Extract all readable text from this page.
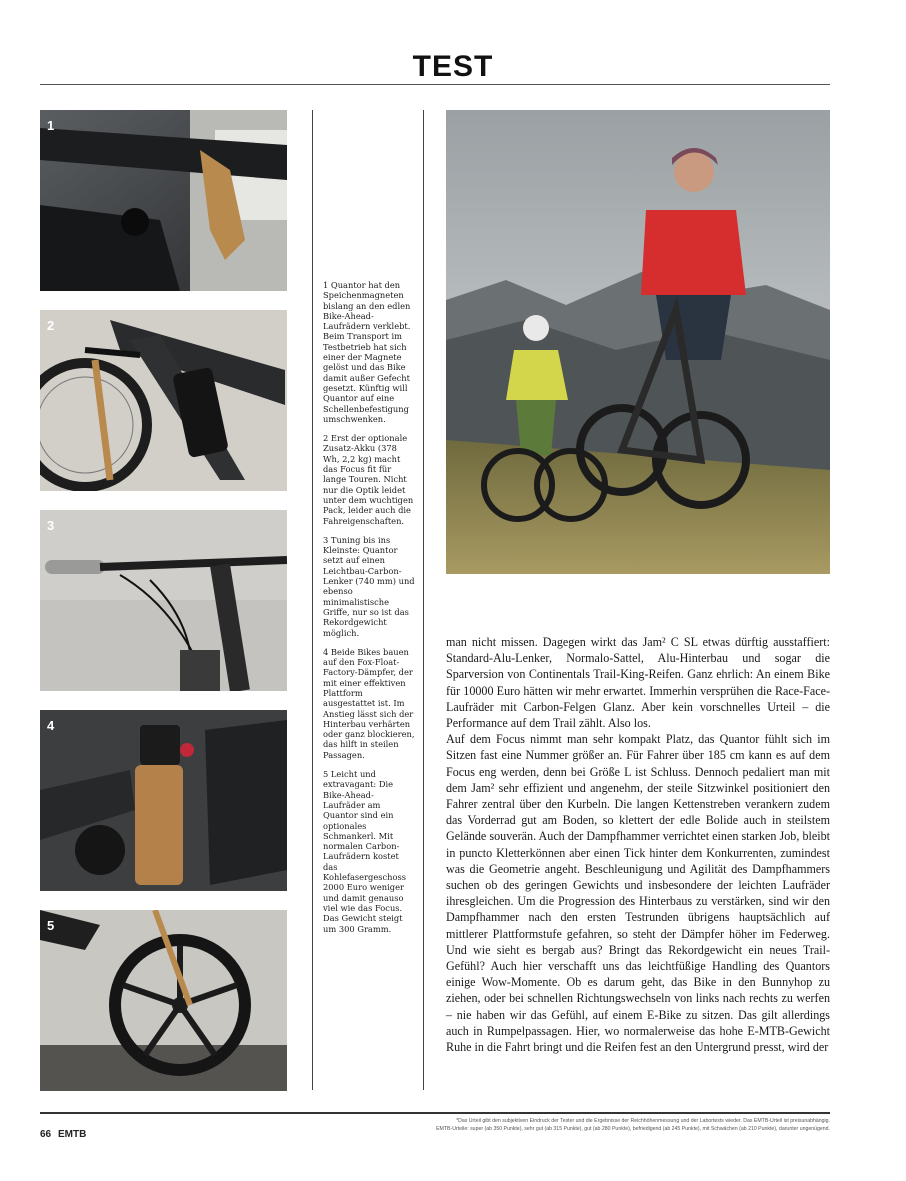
TEST
1
2
3
4
5

1 Quantor hat den Speichenmagneten bislang an den edlen Bike-Ahead-Laufrädern verklebt. Beim Transport im Testbetrieb hat sich einer der Magnete gelöst und das Bike damit außer Gefecht gesetzt. Künftig will Quantor auf eine Schellenbefestigung umschwenken.

2 Erst der optionale Zusatz-Akku (378 Wh, 2,2 kg) macht das Focus fit für lange Touren. Nicht nur die Optik leidet unter dem wuchtigen Pack, leider auch die Fahreigenschaften.

3 Tuning bis ins Kleinste: Quantor setzt auf einen Leichtbau-Carbon-Lenker (740 mm) und ebenso minimalistische Griffe, nur so ist das Rekordgewicht möglich.

4 Beide Bikes bauen auf den Fox-Float-Factory-Dämpfer, der mit einer effektiven Plattform ausgestattet ist. Im Anstieg lässt sich der Hinterbau verhärten oder ganz blockieren, das hilft in steilen Passagen.

5 Leicht und extravagant: Die Bike-Ahead-Laufräder am Quantor sind ein optionales Schmankerl. Mit normalen Carbon-Laufrädern kostet das Kohlefasergeschoss 2000 Euro weniger und damit genauso viel wie das Focus. Das Gewicht steigt um 300 Gramm.

man nicht missen. Dagegen wirkt das Jam² C SL etwas dürftig ausstaffiert: Standard-Alu-Lenker, Normalo-Sattel, Alu-Hinterbau und sogar die Sparversion von Continentals Trail-King-Reifen. Ganz ehrlich: An einem Bike für 10000 Euro hätten wir mehr erwartet. Immerhin versprühen die Race-Face-Laufräder mit Carbon-Felgen Glanz. Aber kein vorschnelles Urteil – die Performance auf dem Trail zählt. Also los.

Auf dem Focus nimmt man sehr kompakt Platz, das Quantor fühlt sich im Sitzen fast eine Nummer größer an. Für Fahrer über 185 cm kann es auf dem Focus eng werden, denn bei Größe L ist Schluss. Dennoch pedaliert man mit dem Jam² sehr effizient und angenehm, der steile Sitzwinkel positioniert den Fahrer zentral über den Kurbeln. Die langen Kettenstreben verankern zudem das Vorderrad gut am Boden, so klettert der edle Bolide auch in steilstem Gelände souverän. Auch der Dampfhammer verrichtet einen starken Job, bleibt in puncto Kletterkönnen aber einen Tick hinter dem Konkurrenten, zumindest was die Geometrie angeht. Beschleunigung und Agilität des Dampfhammers suchen ob des geringen Gewichts und insbesondere der leichten Laufräder ihresgleichen. Um die Progression des Hinterbaus zu verstärken, sind wir den Dampfhammer nach den ersten Testrunden übrigens hauptsächlich auf mittlerer Plattformstufe gefahren, so steht der Dämpfer höher im Federweg. Und wie sieht es bergab aus? Bringt das Rekordgewicht ein neues Trail-Gefühl? Auch hier verschafft uns das leichtfüßige Handling des Quantors einige Wow-Momente. Ob es darum geht, das Bike in den Bunnyhop zu ziehen, oder bei schnellen Richtungswechseln von links nach rechts zu werfen – nie haben wir das Gefühl, auf einem E-Bike zu sitzen. Das gilt allerdings auch in Rumpelpassagen. Hier, wo normalerweise das hohe E-MTB-Gewicht Ruhe in die Fahrt bringt und die Reifen fest an den Untergrund presst, wird der

66 EMTB
*Das Urteil gibt den subjektiven Eindruck der Tester und die Ergebnisse der Reichhöhenmessung und der Labortests wieder. Das EMTB-Urteil ist preisunabhängig.
EMTB-Urteile: super (ab 350 Punkte), sehr gut (ab 315 Punkte), gut (ab 280 Punkte), befriedigend (ab 245 Punkte), mit Schwächen (ab 210 Punkte), darunter ungenügend.
